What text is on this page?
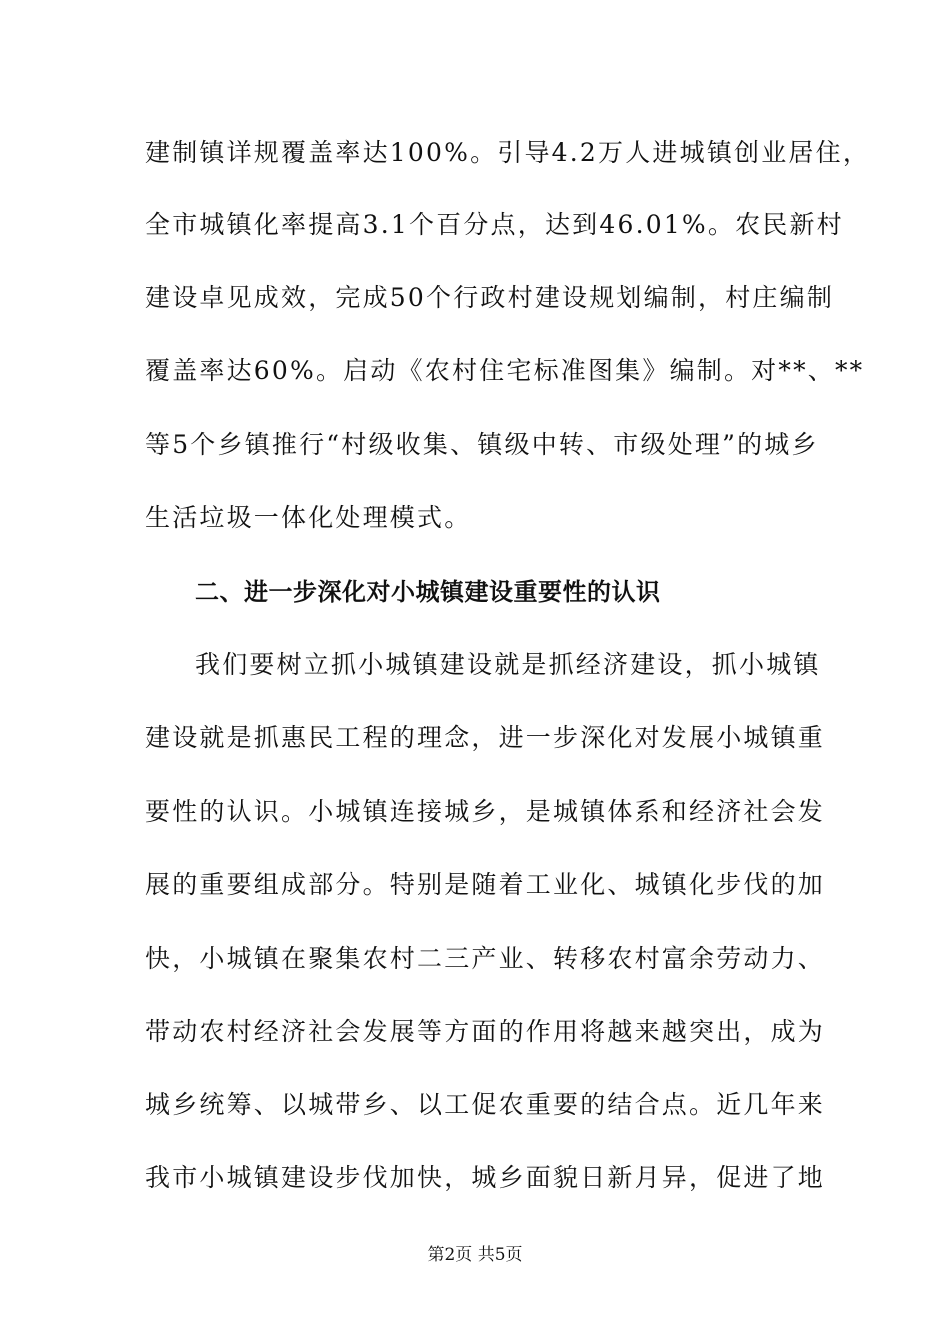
建制镇详规覆盖率达100%。引导4.2万人进城镇创业居住，
全市城镇化率提高3.1个百分点，达到46.01%。农民新村
建设卓见成效，完成50个行政村建设规划编制，村庄编制
覆盖率达60%。启动《农村住宅标准图集》编制。对**、**
等5个乡镇推行“村级收集、镇级中转、市级处理”的城乡
生活垃圾一体化处理模式。
二、进一步深化对小城镇建设重要性的认识
我们要树立抓小城镇建设就是抓经济建设，抓小城镇
建设就是抓惠民工程的理念，进一步深化对发展小城镇重
要性的认识。小城镇连接城乡，是城镇体系和经济社会发
展的重要组成部分。特别是随着工业化、城镇化步伐的加
快，小城镇在聚集农村二三产业、转移农村富余劳动力、
带动农村经济社会发展等方面的作用将越来越突出，成为
城乡统筹、以城带乡、以工促农重要的结合点。近几年来
我市小城镇建设步伐加快，城乡面貌日新月异，促进了地
第2页 共5页
